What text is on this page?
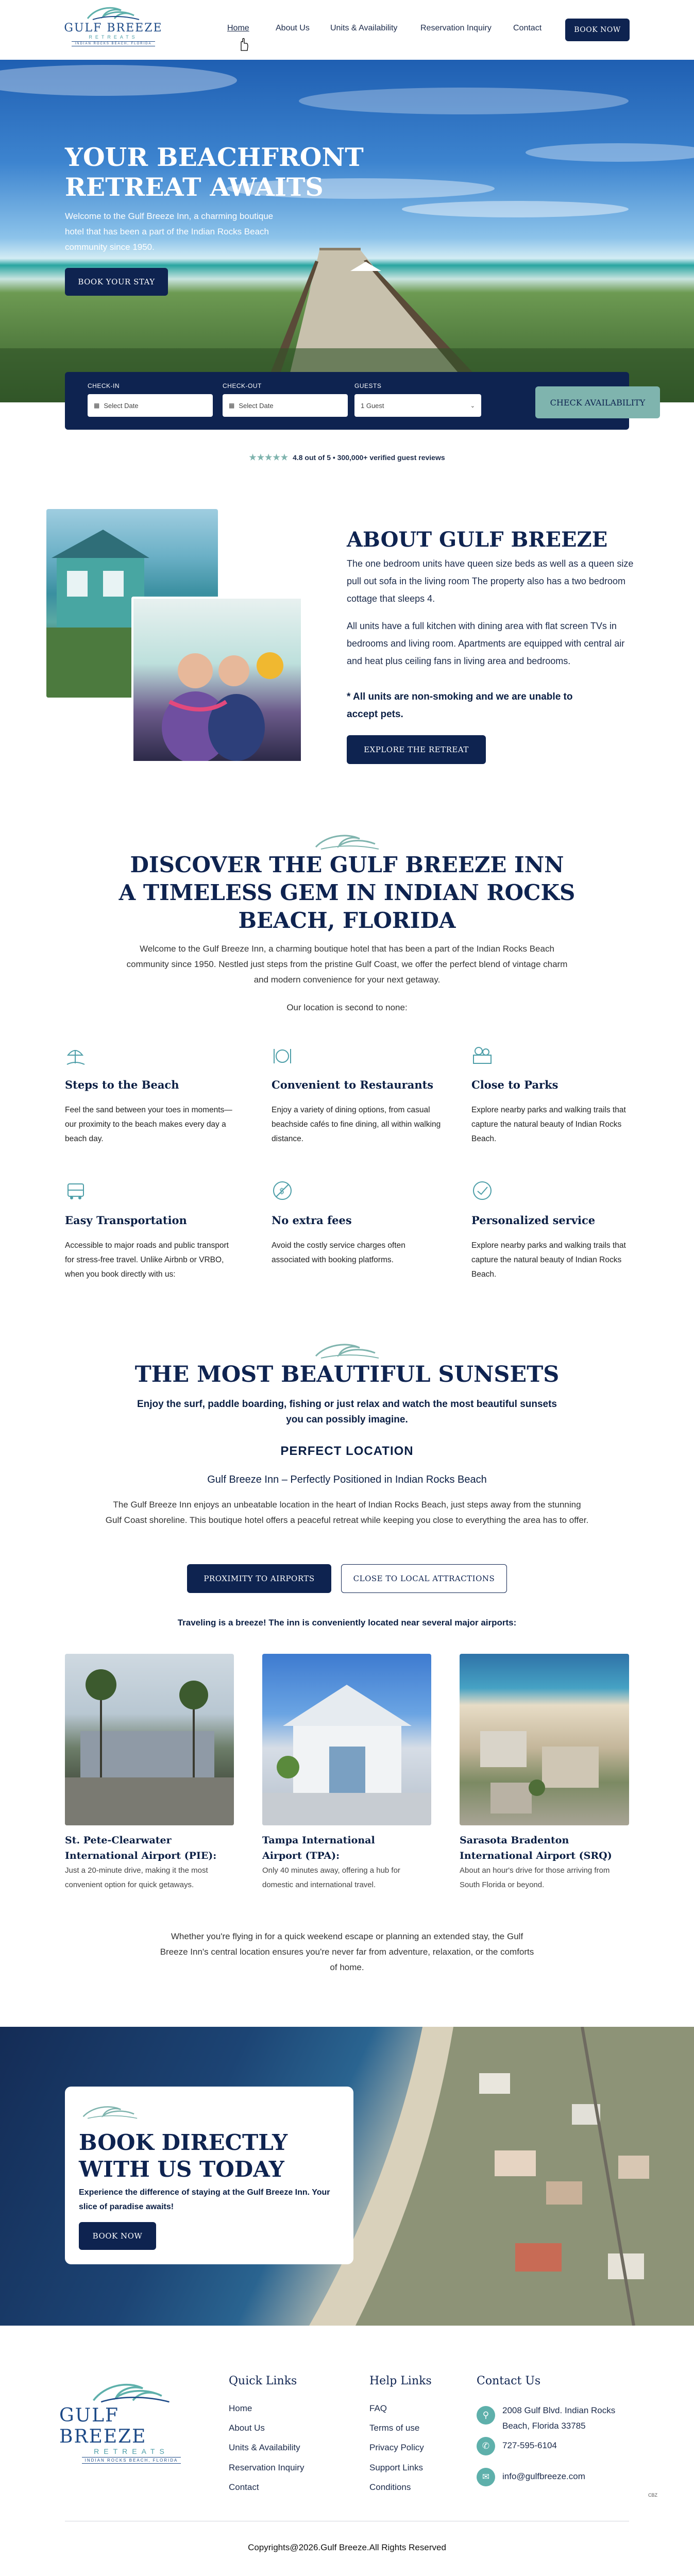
GULF BREEZE
RETREATS
INDIAN ROCKS BEACH, FLORIDA
Home	About Us	Units & Availability	Reservation Inquiry	Contact	BOOK NOW
YOUR BEACHFRONT RETREAT AWAITS

Welcome to the Gulf Breeze Inn, a charming boutique hotel that has been a part of the Indian Rocks Beach community since 1950.

BOOK YOUR STAY
CHECK-IN
▦ Select Date
CHECK-OUT
▦ Select Date
GUESTS
1 Guest	⌄	CHECK AVAILABILITY
★★★★★ 4.8 out of 5 • 300,000+ verified guest reviews
ABOUT GULF BREEZE
The one bedroom units have queen size beds as well as a queen size pull out sofa in the living room The property also has a two bedroom cottage that sleeps 4.
All units have a full kitchen with dining area with flat screen TVs in bedrooms and living room. Apartments are equipped with central air and heat plus ceiling fans in living area and bedrooms.
* All units are non-smoking and we are unable to accept pets.
EXPLORE THE RETREAT
DISCOVER THE GULF BREEZE INN
A TIMELESS GEM IN INDIAN ROCKS
BEACH, FLORIDA
Welcome to the Gulf Breeze Inn, a charming boutique hotel that has been a part of the Indian Rocks Beach community since 1950. Nestled just steps from the pristine Gulf Coast, we offer the perfect blend of vintage charm and modern convenience for your next getaway.
Our location is second to none:
Steps to the Beach
Feel the sand between your toes in moments—our proximity to the beach makes every day a beach day.
Convenient to Restaurants
Enjoy a variety of dining options, from casual beachside cafés to fine dining, all within walking distance.
Close to Parks
Explore nearby parks and walking trails that capture the natural beauty of Indian Rocks Beach.
Easy Transportation
Accessible to major roads and public transport for stress-free travel. Unlike Airbnb or VRBO, when you book directly with us:
$
No extra fees
Avoid the costly service charges often associated with booking platforms.
Personalized service
Explore nearby parks and walking trails that capture the natural beauty of Indian Rocks Beach.
THE MOST BEAUTIFUL SUNSETS
Enjoy the surf, paddle boarding, fishing or just relax and watch the most beautiful sunsets you can possibly imagine.
PERFECT LOCATION
Gulf Breeze Inn – Perfectly Positioned in Indian Rocks Beach
The Gulf Breeze Inn enjoys an unbeatable location in the heart of Indian Rocks Beach, just steps away from the stunning Gulf Coast shoreline. This boutique hotel offers a peaceful retreat while keeping you close to everything the area has to offer.
PROXIMITY TO AIRPORTS	CLOSE TO LOCAL ATTRACTIONS
Traveling is a breeze! The inn is conveniently located near several major airports:
St. Pete-Clearwater International Airport (PIE):
Just a 20-minute drive, making it the most convenient option for quick getaways.
Tampa International Airport (TPA):
Only 40 minutes away, offering a hub for domestic and international travel.
Sarasota Bradenton International Airport (SRQ)
About an hour's drive for those arriving from South Florida or beyond.
Whether you're flying in for a quick weekend escape or planning an extended stay, the Gulf Breeze Inn's central location ensures you're never far from adventure, relaxation, or the comforts of home.
BOOK DIRECTLY WITH US TODAY

Experience the difference of staying at the Gulf Breeze Inn. Your slice of paradise awaits!

BOOK NOW
GULF BREEZE
RETREATS
INDIAN ROCKS BEACH, FLORIDA
Quick Links
Home
About Us
Units & Availability
Reservation Inquiry
Contact
Help Links
FAQ
Terms of use
Privacy Policy
Support Links
Conditions
Contact Us
⚲	2008 Gulf Blvd. Indian Rocks Beach, Florida 33785
✆	727-595-6104
✉	info@gulfbreeze.com
CBZ
Copyrights@2026.Gulf Breeze.All Rights Reserved
